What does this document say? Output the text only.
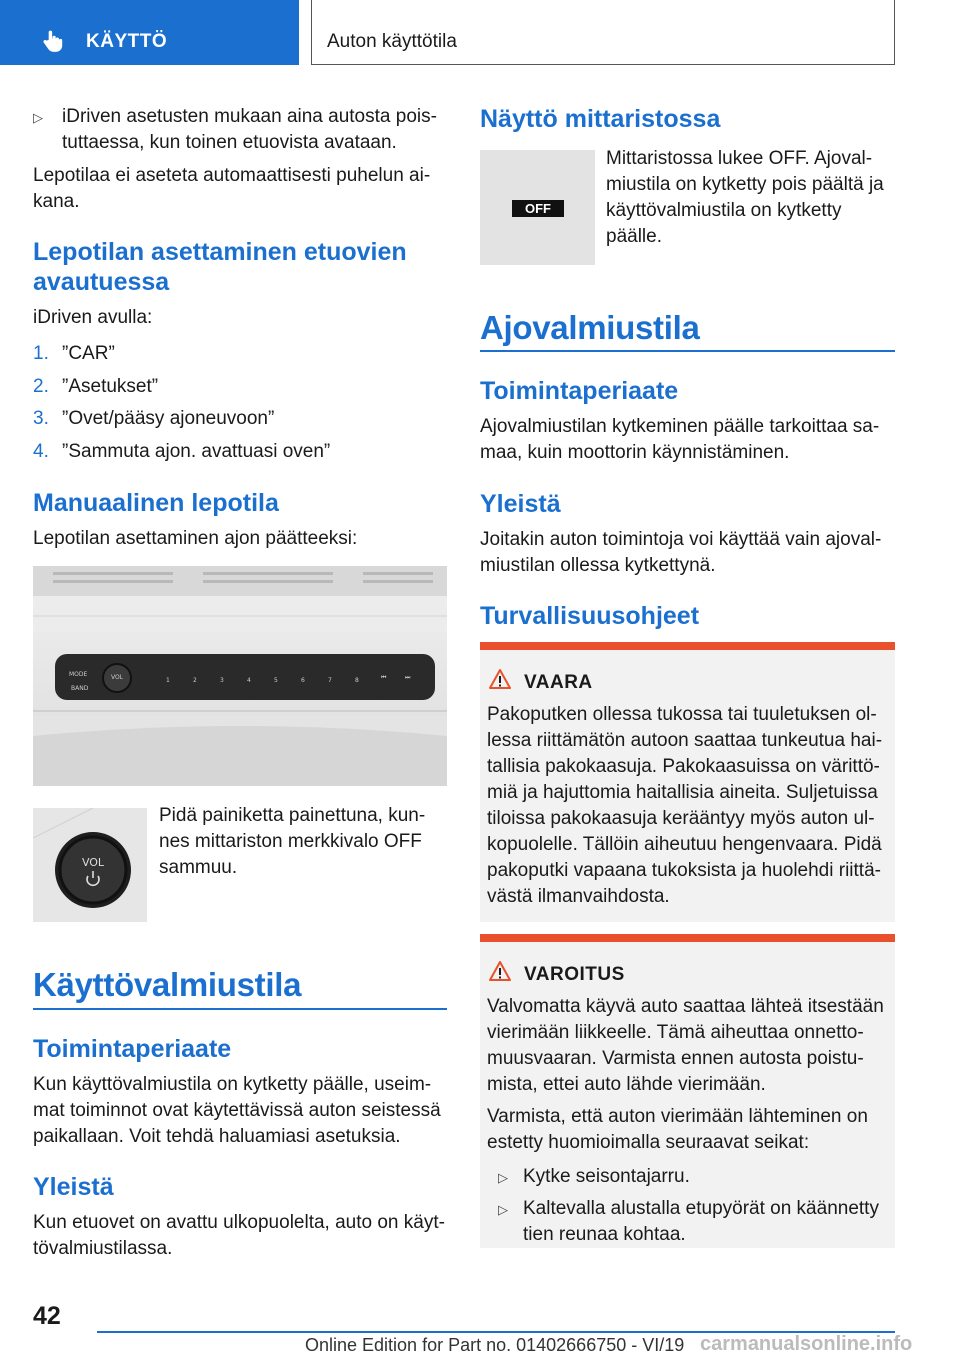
KÄYTTÖ	Auton käyttötila
▷ iDriven asetusten mukaan aina autosta pois-
tuttaessa, kun toinen etuovista avataan.
Lepotilaa ei aseteta automaattisesti puhelun ai-
kana.
Lepotilan asettaminen etuovien
avautuessa
iDriven avulla:
1. ”CAR”
2. ”Asetukset”
3. ”Ovet/pääsy ajoneuvoon”
4. ”Sammuta ajon. avattuasi oven”
Manuaalinen lepotila
Lepotilan asettaminen ajon päätteeksi:
MODE
BAND
VOL	1	2	3	4	5	6	7	8	⏮	⏭
VOL
Pidä painiketta painettuna, kun-
nes mittariston merkkivalo OFF
sammuu.
Käyttövalmiustila
Toimintaperiaate
Kun käyttövalmiustila on kytketty päälle, useim-
mat toiminnot ovat käytettävissä auton seistessä
paikallaan. Voit tehdä haluamiasi asetuksia.
Yleistä
Kun etuovet on avattu ulkopuolelta, auto on käyt-
tövalmiustilassa.
Näyttö mittaristossa
OFF
Mittaristossa lukee OFF. Ajoval-
miustila on kytketty pois päältä ja
käyttövalmiustila on kytketty
päälle.
Ajovalmiustila
Toimintaperiaate
Ajovalmiustilan kytkeminen päälle tarkoittaa sa-
maa, kuin moottorin käynnistäminen.
Yleistä
Joitakin auton toimintoja voi käyttää vain ajoval-
miustilan ollessa kytkettynä.
Turvallisuusohjeet
VAARA
Pakoputken ollessa tukossa tai tuuletuksen ol-
lessa riittämätön autoon saattaa tunkeutua hai-
tallisia pakokaasuja. Pakokaasuissa on värittö-
miä ja hajuttomia haitallisia aineita. Suljetuissa
tiloissa pakokaasuja kerääntyy myös auton ul-
kopuolelle. Tällöin aiheutuu hengenvaara. Pidä
pakoputki vapaana tukoksista ja huolehdi riittä-
västä ilmanvaihdosta.
VAROITUS
Valvomatta käyvä auto saattaa lähteä itsestään
vierimään liikkeelle. Tämä aiheuttaa onnetto-
muusvaaran. Varmista ennen autosta poistu-
mista, ettei auto lähde vierimään.
Varmista, että auton vierimään lähteminen on
estetty huomioimalla seuraavat seikat:
▷ Kytke seisontajarru.
▷ Kaltevalla alustalla etupyörät on käännetty
tien reunaa kohtaa.
42
Online Edition for Part no. 01402666750 - VI/19 carmanualsonline.info
